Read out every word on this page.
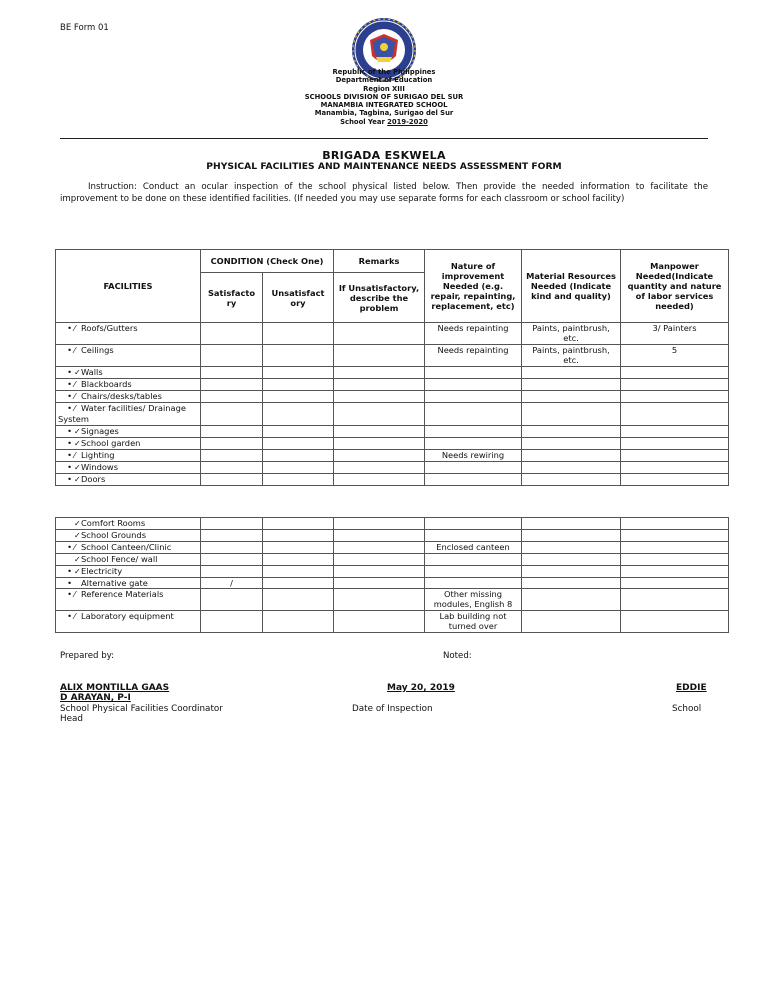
BE Form 01
Republic of the Philippines
Department of Education
Region XIII
SCHOOLS DIVISION OF SURIGAO DEL SUR
MANAMBIA INTEGRATED SCHOOL
Manambia, Tagbina, Surigao del Sur
School Year 2019-2020
BRIGADA ESKWELA
PHYSICAL FACILITIES AND MAINTENANCE NEEDS ASSESSMENT FORM
Instruction: Conduct an ocular inspection of the school physical listed below. Then provide the needed information to facilitate the improvement to be done on these identified facilities. (If needed you may use separate forms for each classroom or school facility)
FACILITIES	CONDITION (Check One)		Remarks	Nature of improvement Needed (e.g. repair, repainting, replacement, etc)	Material Resources Needed (Indicate kind and quality)	Manpower Needed(Indicate quantity and nature of labor services needed)
	Satisfacto ry	Unsatisfact ory	If Unsatisfactory, describe the problem			
• ⁄ Roofs/Gutters				Needs repainting	Paints, paintbrush, etc.	3/ Painters
• ⁄ Ceilings				Needs repainting	Paints, paintbrush, etc.	5
• ✓Walls						
• ⁄ Blackboards						
• ⁄ Chairs/desks/tables						
• ⁄ Water facilities/ Drainage System						
• ✓Signages						
• ✓School garden						
• ⁄ Lighting				Needs rewiring		
• ✓Windows						
• ✓Doors						
✓Comfort Rooms						
✓School Grounds						
• ⁄ School Canteen/Clinic				Enclosed canteen		
✓School Fence/ wall						
• ✓Electricity						
• Alternative gate	/					
• ⁄ Reference Materials				Other missing modules, English 8		
• ⁄ Laboratory equipment				Lab building not turned over		
Prepared by:	Noted:
ALIX MONTILLA GAAS
D ARAYAN, P-I
May 20, 2019	EDDIE
School Physical Facilities Coordinator
Head
Date of Inspection	School
